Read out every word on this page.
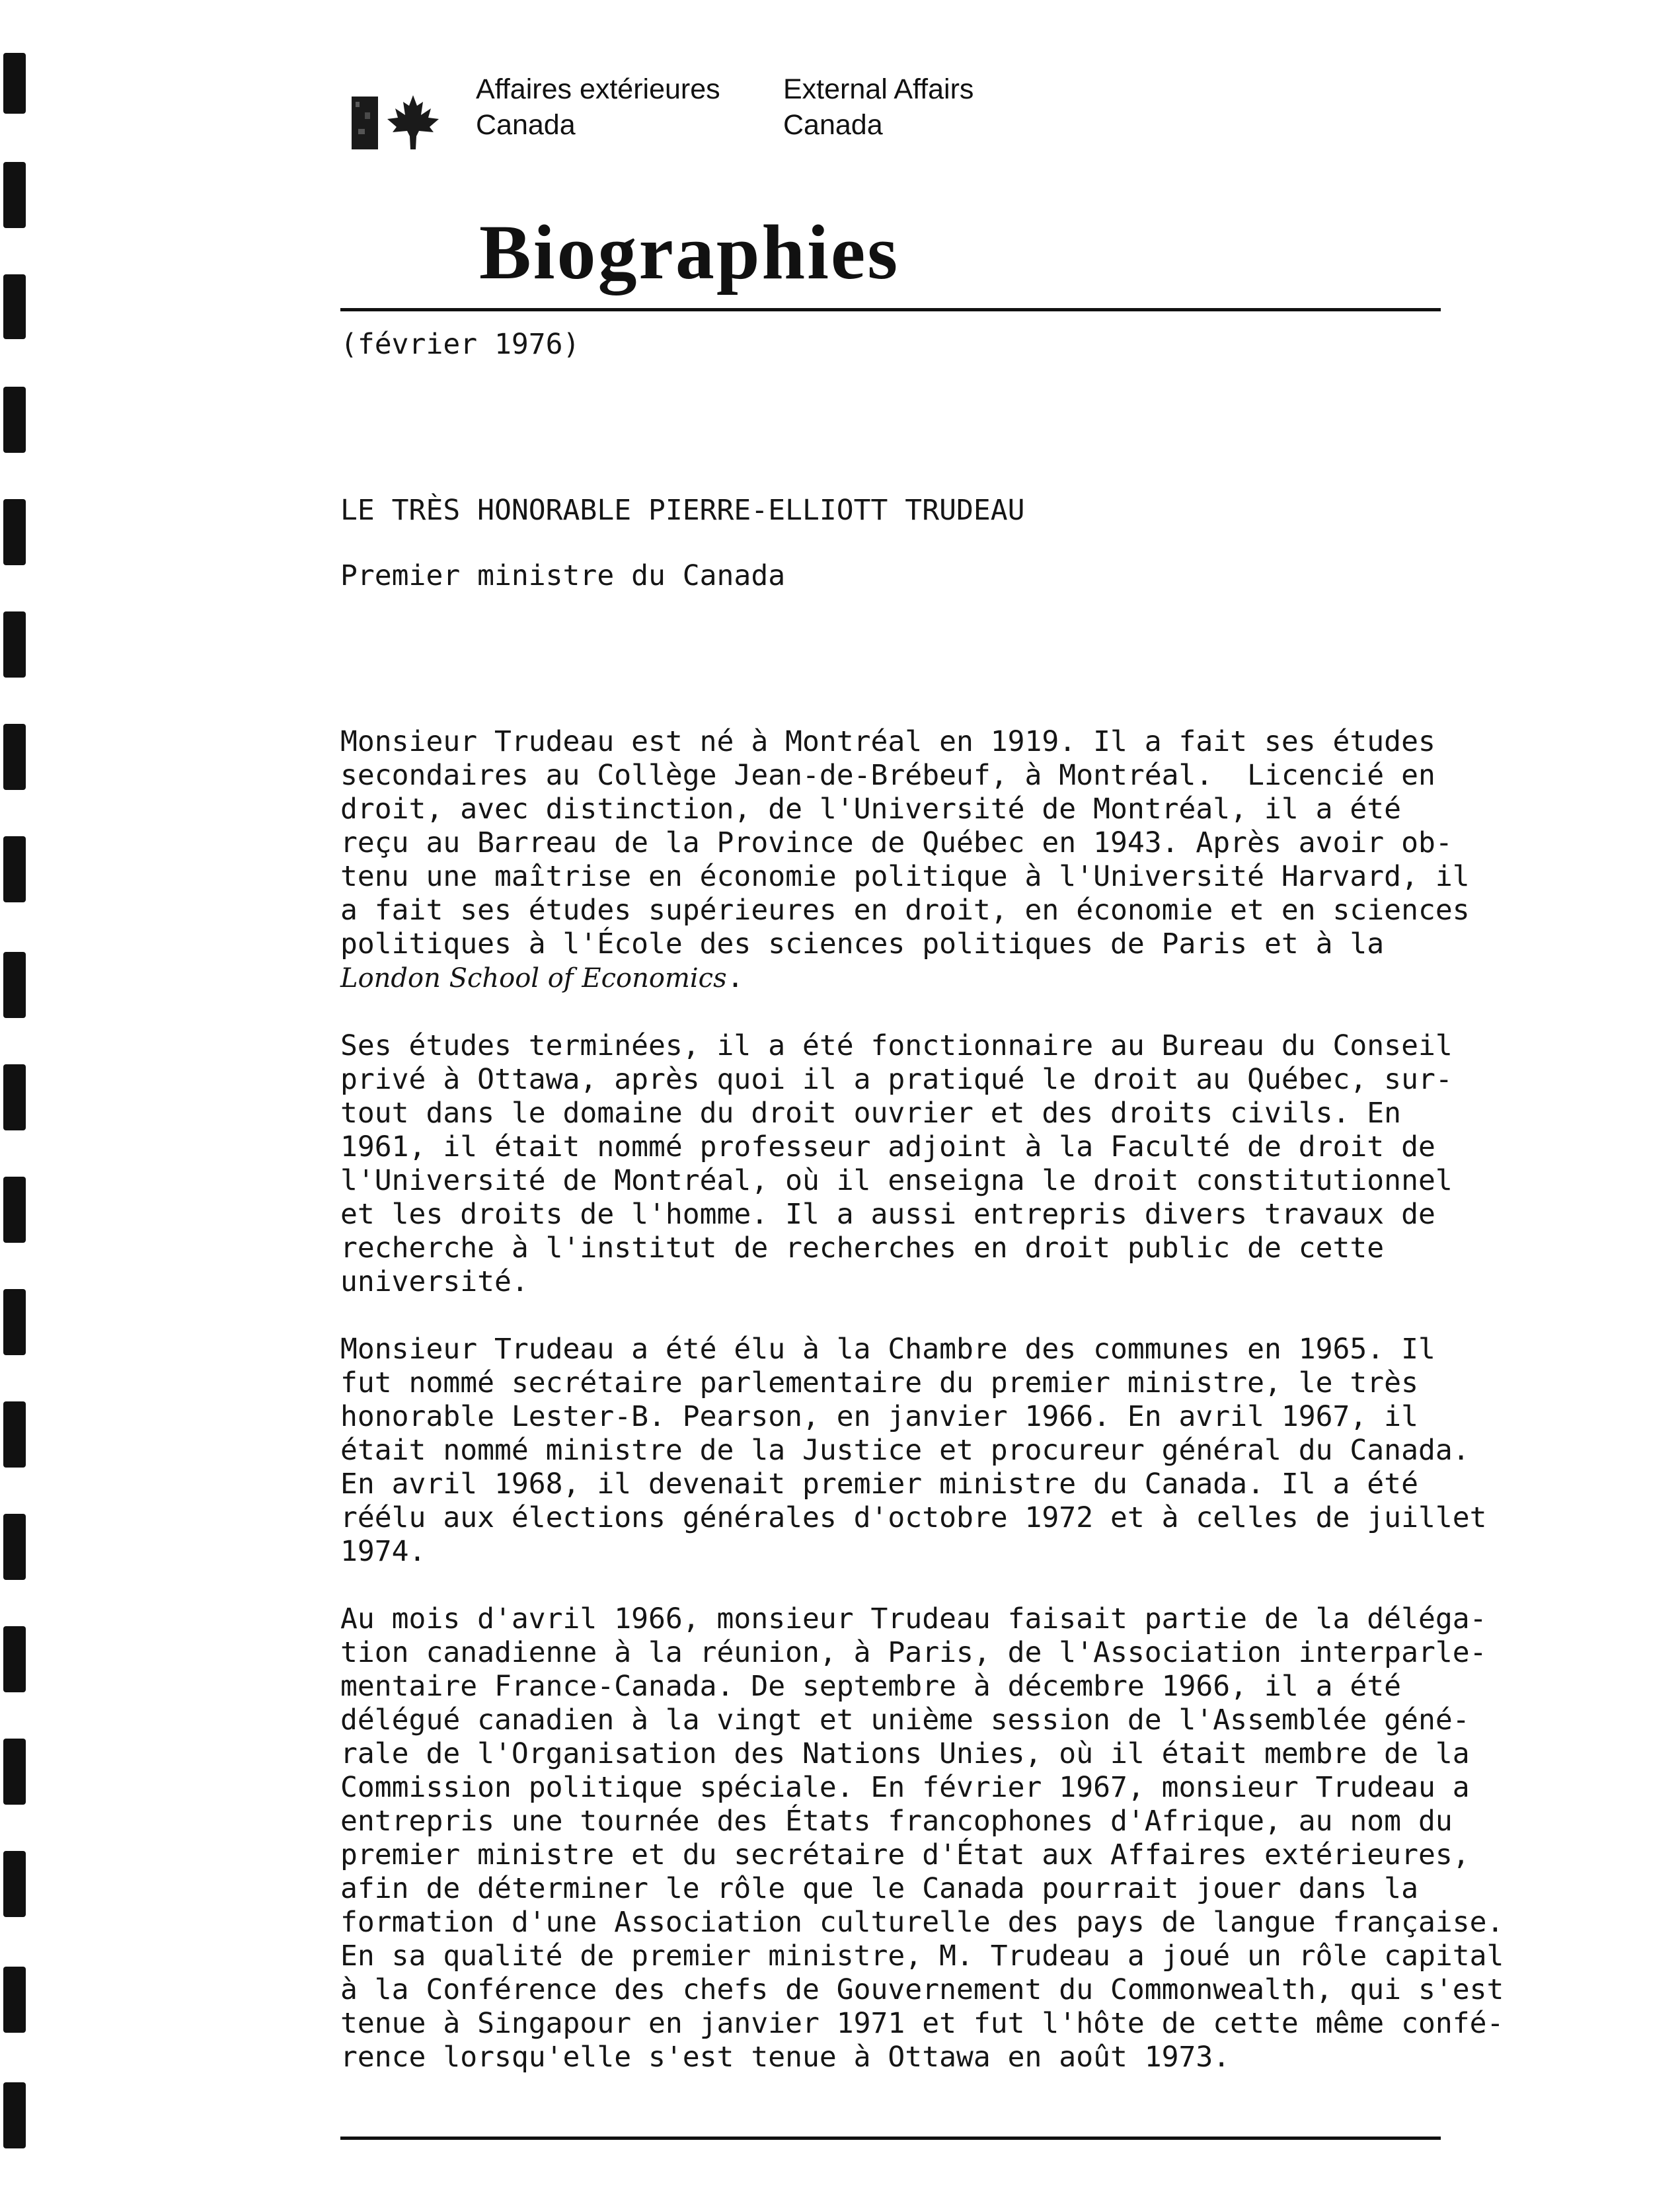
Affaires extérieures
Canada
External Affairs
Canada
Biographies
(février 1976)
LE TRÈS HONORABLE PIERRE-ELLIOTT TRUDEAU
Premier ministre du Canada

Monsieur Trudeau est né à Montréal en 1919. Il a fait ses études
secondaires au Collège Jean-de-Brébeuf, à Montréal.  Licencié en
droit, avec distinction, de l'Université de Montréal, il a été
reçu au Barreau de la Province de Québec en 1943. Après avoir ob-
tenu une maîtrise en économie politique à l'Université Harvard, il
a fait ses études supérieures en droit, en économie et en sciences
politiques à l'École des sciences politiques de Paris et à la
London School of Economics.

Ses études terminées, il a été fonctionnaire au Bureau du Conseil
privé à Ottawa, après quoi il a pratiqué le droit au Québec, sur-
tout dans le domaine du droit ouvrier et des droits civils. En
1961, il était nommé professeur adjoint à la Faculté de droit de
l'Université de Montréal, où il enseigna le droit constitutionnel
et les droits de l'homme. Il a aussi entrepris divers travaux de
recherche à l'institut de recherches en droit public de cette
université.

Monsieur Trudeau a été élu à la Chambre des communes en 1965. Il
fut nommé secrétaire parlementaire du premier ministre, le très
honorable Lester-B. Pearson, en janvier 1966. En avril 1967, il
était nommé ministre de la Justice et procureur général du Canada.
En avril 1968, il devenait premier ministre du Canada. Il a été
réélu aux élections générales d'octobre 1972 et à celles de juillet
1974.

Au mois d'avril 1966, monsieur Trudeau faisait partie de la déléga-
tion canadienne à la réunion, à Paris, de l'Association interparle-
mentaire France-Canada. De septembre à décembre 1966, il a été
délégué canadien à la vingt et unième session de l'Assemblée géné-
rale de l'Organisation des Nations Unies, où il était membre de la
Commission politique spéciale. En février 1967, monsieur Trudeau a
entrepris une tournée des États francophones d'Afrique, au nom du
premier ministre et du secrétaire d'État aux Affaires extérieures,
afin de déterminer le rôle que le Canada pourrait jouer dans la
formation d'une Association culturelle des pays de langue française.
En sa qualité de premier ministre, M. Trudeau a joué un rôle capital
à la Conférence des chefs de Gouvernement du Commonwealth, qui s'est
tenue à Singapour en janvier 1971 et fut l'hôte de cette même confé-
rence lorsqu'elle s'est tenue à Ottawa en août 1973.
